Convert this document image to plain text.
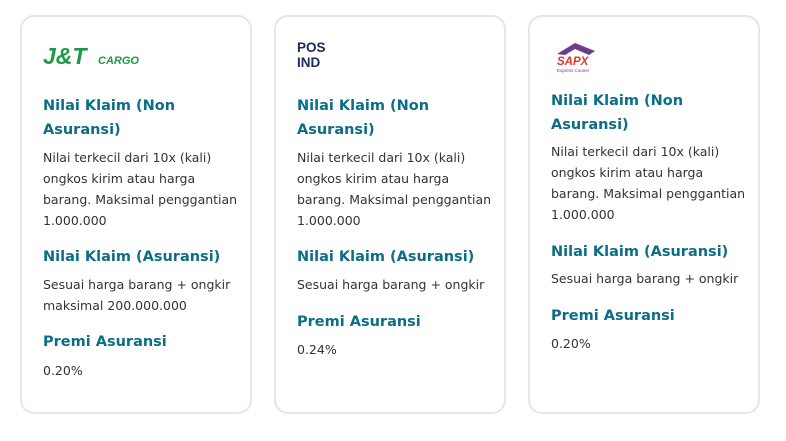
J&T CARGO

Nilai Klaim (Non Asuransi)

Nilai terkecil dari 10x (kali) ongkos kirim atau harga barang. Maksimal penggantian 1.000.000

Nilai Klaim (Asuransi)

Sesuai harga barang + ongkir maksimal 200.000.000

Premi Asuransi

0.20%

POS
IND

Nilai Klaim (Non Asuransi)

Nilai terkecil dari 10x (kali) ongkos kirim atau harga barang. Maksimal penggantian 1.000.000

Nilai Klaim (Asuransi)

Sesuai harga barang + ongkir

Premi Asuransi

0.24%

SAPX
Express Courier

Nilai Klaim (Non Asuransi)

Nilai terkecil dari 10x (kali) ongkos kirim atau harga barang. Maksimal penggantian 1.000.000

Nilai Klaim (Asuransi)

Sesuai harga barang + ongkir

Premi Asuransi

0.20%
